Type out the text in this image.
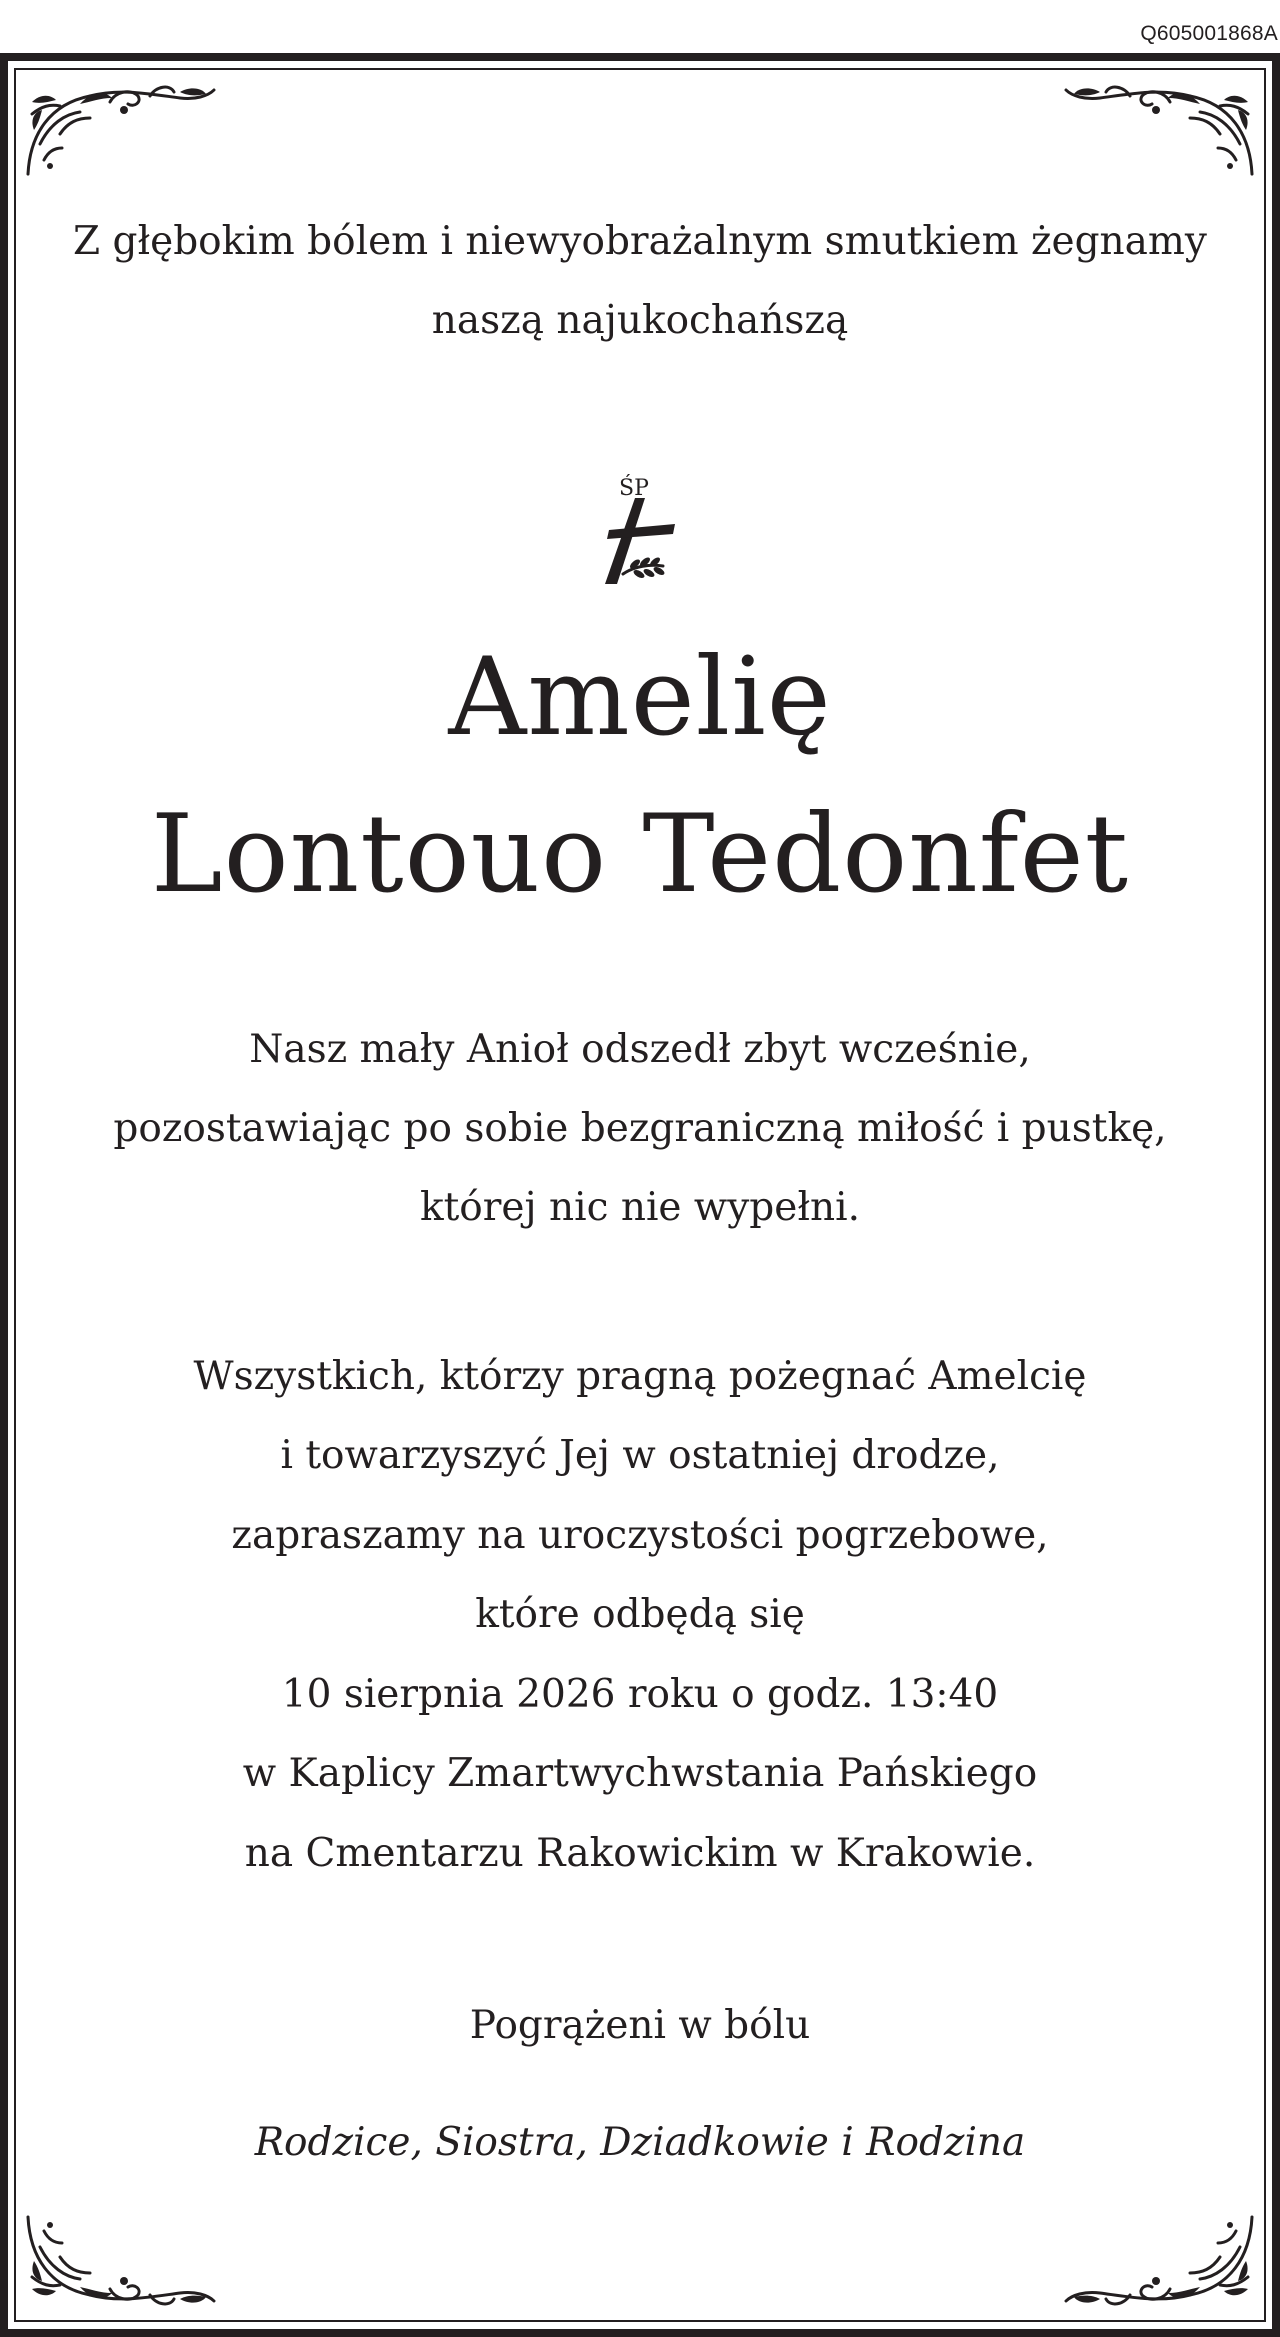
Q605001868A
Z głębokim bólem i niewyobrażalnym smutkiem żegnamy
naszą najukochańszą
ŚP
Amelię
Lontouo Tedonfet
Nasz mały Anioł odszedł zbyt wcześnie,
pozostawiając po sobie bezgraniczną miłość i pustkę,
której nic nie wypełni.
Wszystkich, którzy pragną pożegnać Amelcię
i towarzyszyć Jej w ostatniej drodze,
zapraszamy na uroczystości pogrzebowe,
które odbędą się
10 sierpnia 2026 roku o godz. 13:40
w Kaplicy Zmartwychwstania Pańskiego
na Cmentarzu Rakowickim w Krakowie.
Pogrążeni w bólu
Rodzice, Siostra, Dziadkowie i Rodzina
